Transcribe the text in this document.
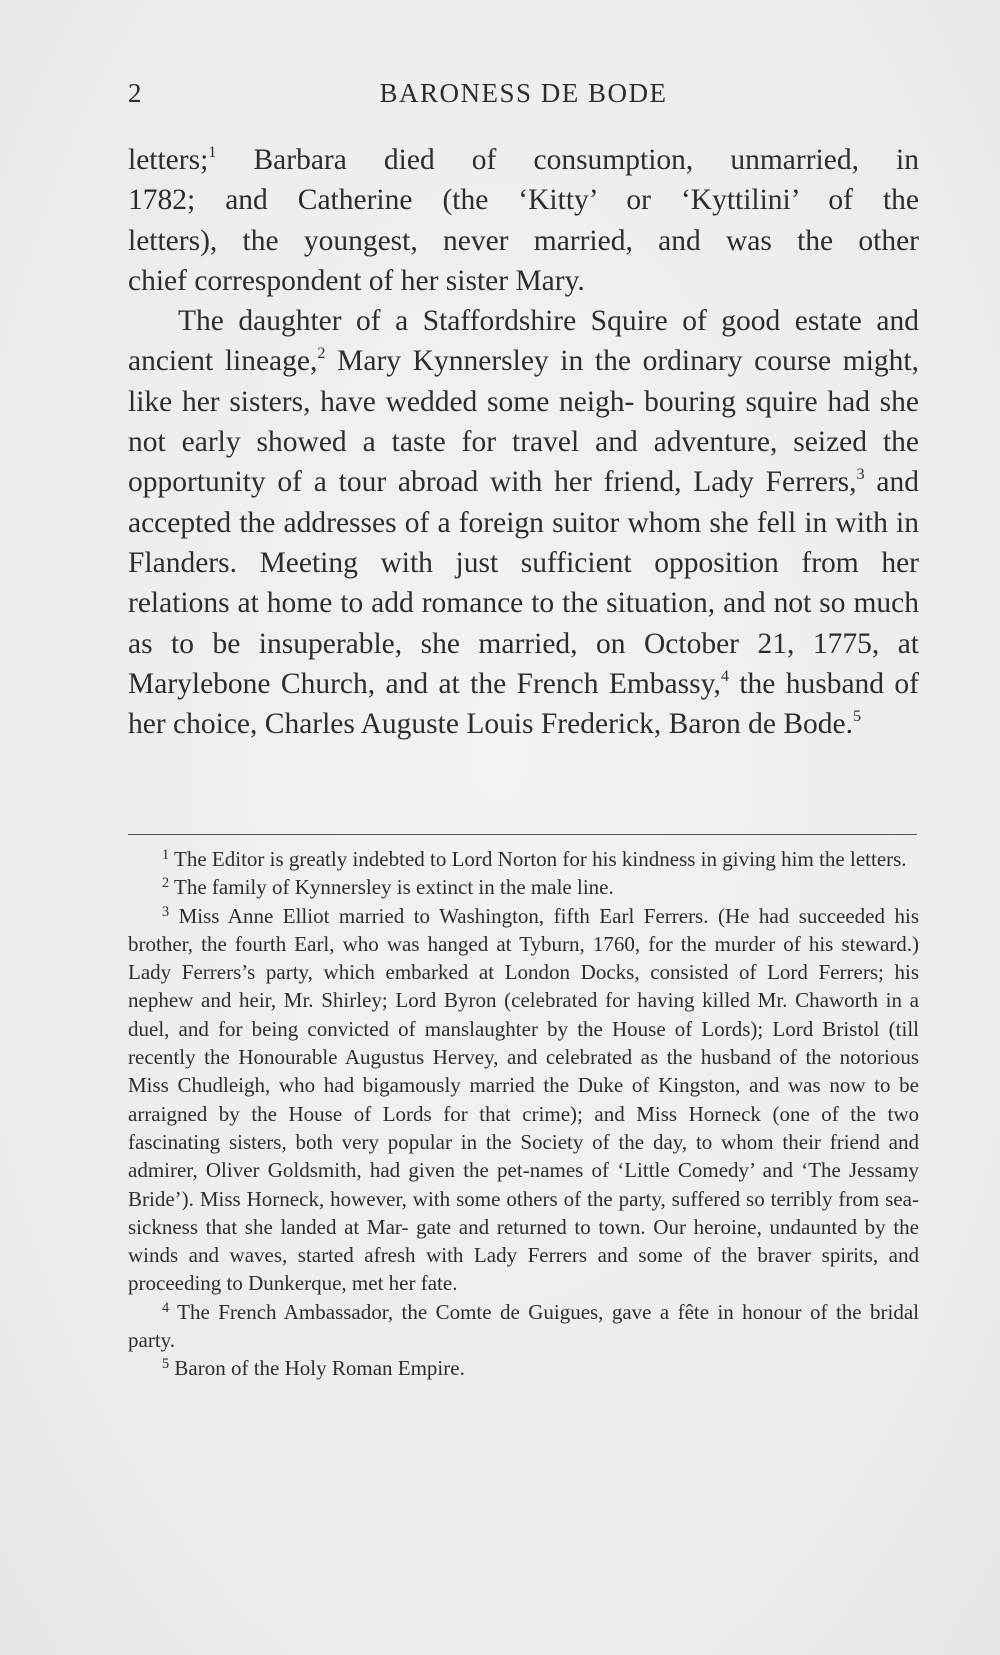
2	BARONESS DE BODE

letters;$^1$ Barbara died of consumption, unmarried, in

1782; and Catherine (the ‘Kitty’ or ‘Kyttilini’ of the

letters), the youngest, never married, and was the other

chief correspondent of her sister Mary.

The daughter of a Staffordshire Squire of good estate and ancient lineage,$^2$ Mary Kynnersley in the ordinary course might, like her sisters, have wedded some neigh- bouring squire had she not early showed a taste for travel and adventure, seized the opportunity of a tour abroad with her friend, Lady Ferrers,$^3$ and accepted the addresses of a foreign suitor whom she fell in with in Flanders. Meeting with just sufficient opposition from her relations at home to add romance to the situation, and not so much as to be insuperable, she married, on October 21, 1775, at Marylebone Church, and at the French Embassy,$^4$ the husband of her choice, Charles Auguste Louis Frederick, Baron de Bode.$^5$

$^1$ The Editor is greatly indebted to Lord Norton for his kindness in giving him the letters.

$^2$ The family of Kynnersley is extinct in the male line.

$^3$ Miss Anne Elliot married to Washington, fifth Earl Ferrers. (He had succeeded his brother, the fourth Earl, who was hanged at Tyburn, 1760, for the murder of his steward.) Lady Ferrers’s party, which embarked at London Docks, consisted of Lord Ferrers; his nephew and heir, Mr. Shirley; Lord Byron (celebrated for having killed Mr. Chaworth in a duel, and for being convicted of manslaughter by the House of Lords); Lord Bristol (till recently the Honourable Augustus Hervey, and celebrated as the husband of the notorious Miss Chudleigh, who had bigamously married the Duke of Kingston, and was now to be arraigned by the House of Lords for that crime); and Miss Horneck (one of the two fascinating sisters, both very popular in the Society of the day, to whom their friend and admirer, Oliver Goldsmith, had given the pet-names of ‘Little Comedy’ and ‘The Jessamy Bride’). Miss Horneck, however, with some others of the party, suffered so terribly from sea-sickness that she landed at Mar- gate and returned to town. Our heroine, undaunted by the winds and waves, started afresh with Lady Ferrers and some of the braver spirits, and proceeding to Dunkerque, met her fate.

$^4$ The French Ambassador, the Comte de Guigues, gave a fête in honour of the bridal party.

$^5$ Baron of the Holy Roman Empire.
